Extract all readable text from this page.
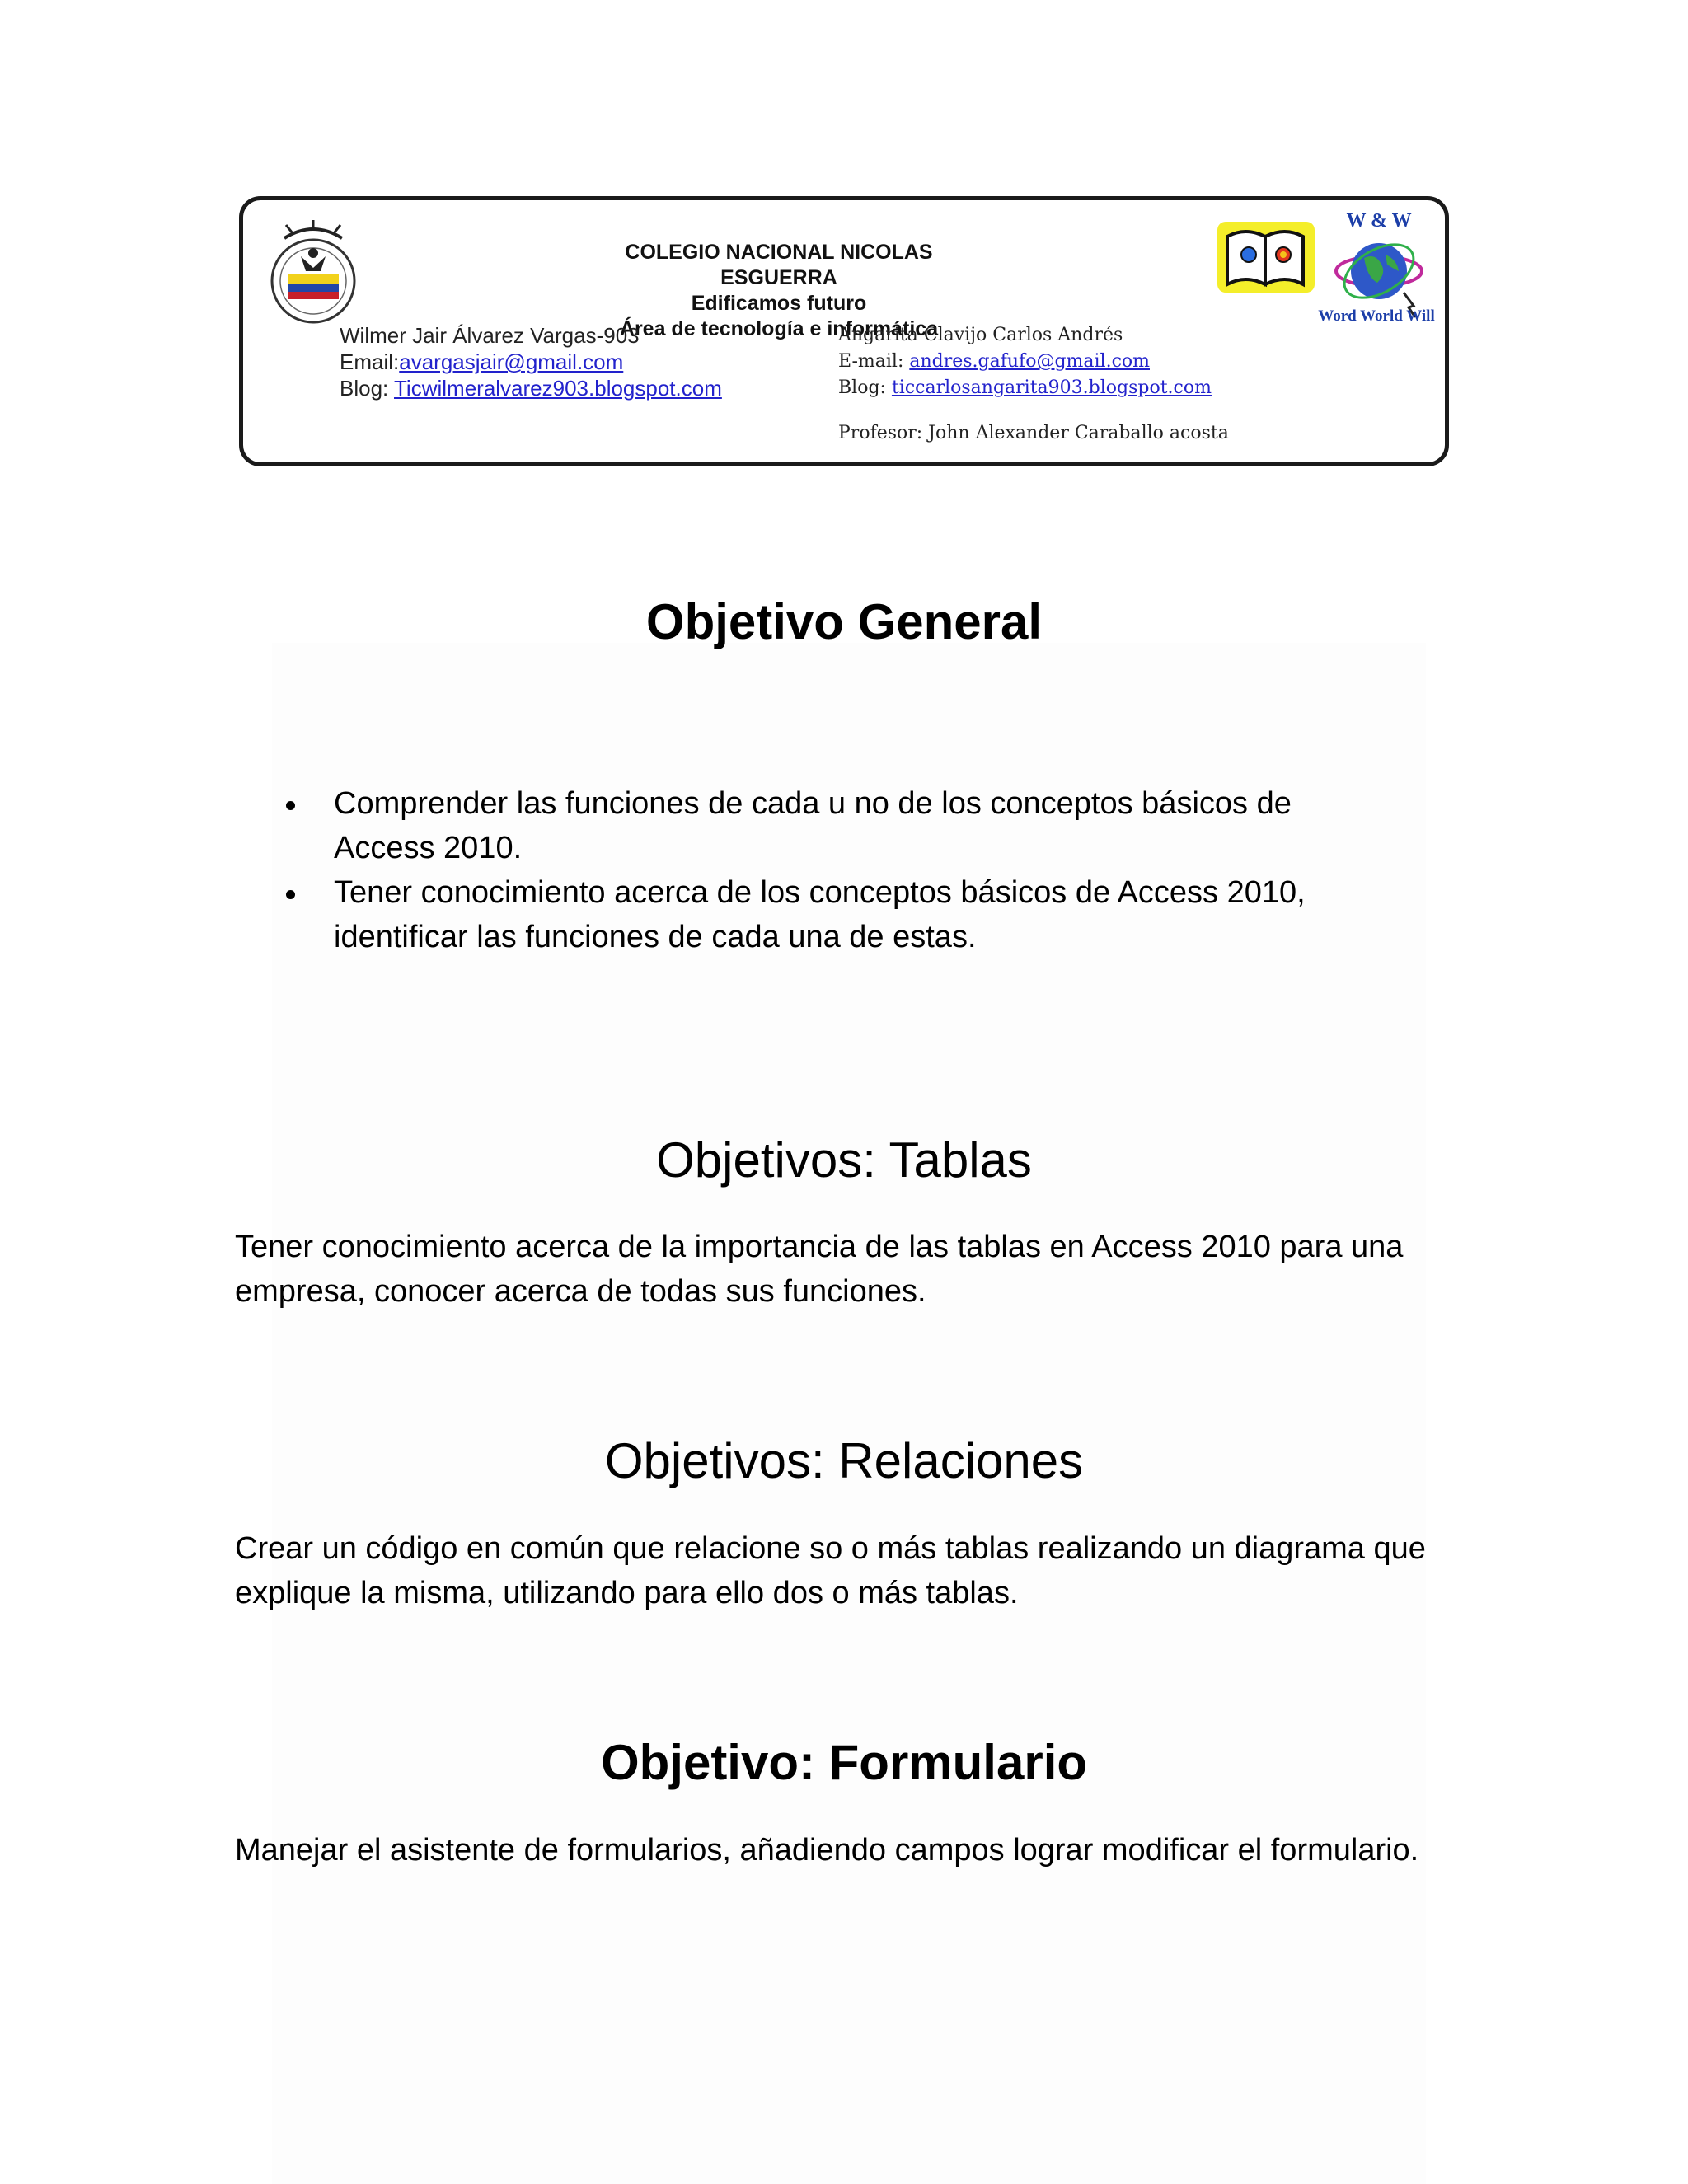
COLEGIO NACIONAL NICOLAS ESGUERRA
Edificamos futuro
Área de tecnología e informática
W & W
Word World Will
Wilmer Jair Álvarez Vargas-903
Email:avargasjair@gmail.com
Blog: Ticwilmeralvarez903.blogspot.com
Angarita Clavijo Carlos Andrés
E-mail: andres.gafufo@gmail.com
Blog: ticcarlosangarita903.blogspot.com
Profesor: John Alexander Caraballo acosta
Objetivo General
Comprender las funciones de cada u no de los conceptos básicos de Access 2010.
Tener conocimiento acerca de los conceptos básicos de Access 2010, identificar las funciones de cada una de estas.
Objetivos: Tablas

Tener conocimiento acerca de la importancia de las tablas en Access 2010 para una empresa, conocer acerca de todas sus funciones.

Objetivos: Relaciones

Crear un código en común que relacione so o más tablas realizando un diagrama que explique la misma, utilizando para ello dos o más tablas.

Objetivo: Formulario

Manejar el asistente de formularios, añadiendo campos lograr modificar el formulario.
